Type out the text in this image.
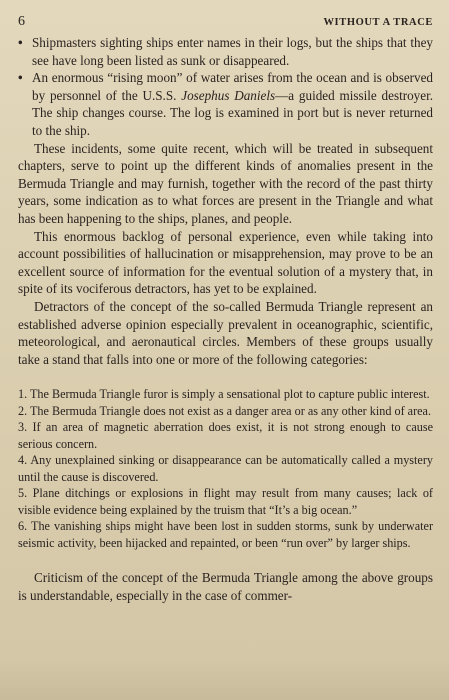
6	WITHOUT A TRACE

• Shipmasters sighting ships enter names in their logs, but the ships that they see have long been listed as sunk or disappeared.

• An enormous “rising moon” of water arises from the ocean and is observed by personnel of the U.S.S. Josephus Daniels—a guided missile destroyer. The ship changes course. The log is examined in port but is never returned to the ship.

These incidents, some quite recent, which will be treated in subsequent chapters, serve to point up the different kinds of anomalies present in the Bermuda Triangle and may furnish, together with the record of the past thirty years, some indication as to what forces are present in the Triangle and what has been happening to the ships, planes, and people.

This enormous backlog of personal experience, even while taking into account possibilities of hallucination or misapprehension, may prove to be an excellent source of information for the eventual solution of a mystery that, in spite of its vociferous detractors, has yet to be explained.

Detractors of the concept of the so-called Bermuda Triangle represent an established adverse opinion especially prevalent in oceanographic, scientific, meteorological, and aeronautical circles. Members of these groups usually take a stand that falls into one or more of the following categories:

1. The Bermuda Triangle furor is simply a sensational plot to capture public interest.

2. The Bermuda Triangle does not exist as a danger area or as any other kind of area.

3. If an area of magnetic aberration does exist, it is not strong enough to cause serious concern.

4. Any unexplained sinking or disappearance can be automatically called a mystery until the cause is discovered.

5. Plane ditchings or explosions in flight may result from many causes; lack of visible evidence being explained by the truism that “It’s a big ocean.”

6. The vanishing ships might have been lost in sudden storms, sunk by underwater seismic activity, been hijacked and repainted, or been “run over” by larger ships.

Criticism of the concept of the Bermuda Triangle among the above groups is understandable, especially in the case of commer-
